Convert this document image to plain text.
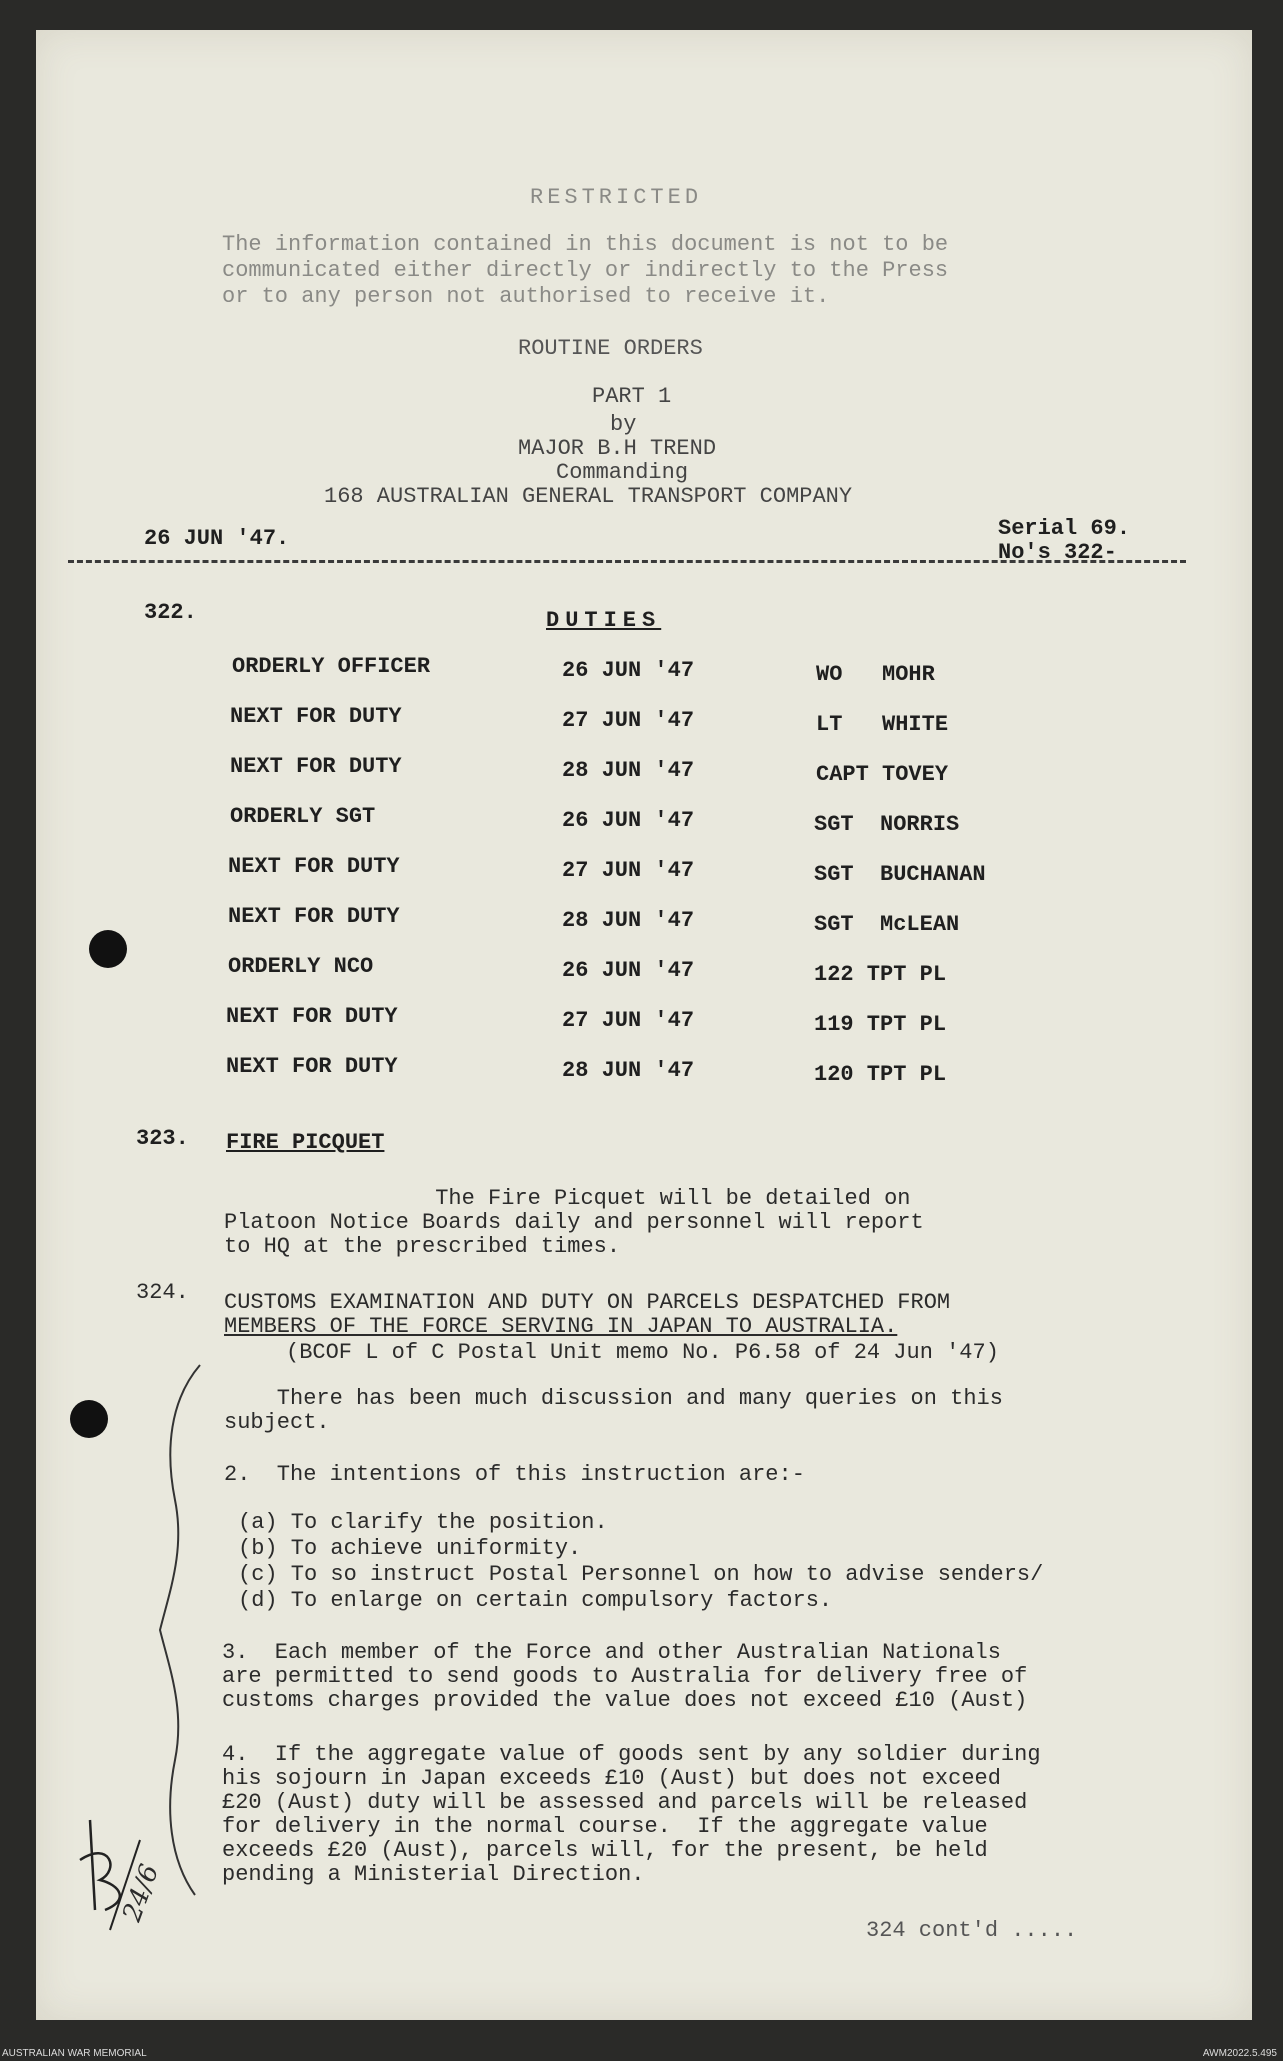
RESTRICTED
The information contained in this document is not to be
communicated either directly or indirectly to the Press
or to any person not authorised to receive it.
ROUTINE ORDERS
PART 1
by
MAJOR B.H TREND
Commanding
168 AUSTRALIAN GENERAL TRANSPORT COMPANY
26 JUN '47.	Serial 69.
No's 322-
322.	DUTIES
ORDERLY OFFICER	26 JUN '47	WO   MOHR
NEXT FOR DUTY	27 JUN '47	LT   WHITE
NEXT FOR DUTY	28 JUN '47	CAPT TOVEY
ORDERLY SGT	26 JUN '47	SGT  NORRIS
NEXT FOR DUTY	27 JUN '47	SGT  BUCHANAN
NEXT FOR DUTY	28 JUN '47	SGT  McLEAN
ORDERLY NCO	26 JUN '47	122 TPT PL
NEXT FOR DUTY	27 JUN '47	119 TPT PL
NEXT FOR DUTY	28 JUN '47	120 TPT PL
323. FIRE PICQUET
The Fire Picquet will be detailed on
Platoon Notice Boards daily and personnel will report
to HQ at the prescribed times.
324. CUSTOMS EXAMINATION AND DUTY ON PARCELS DESPATCHED FROM
MEMBERS OF THE FORCE SERVING IN JAPAN TO AUSTRALIA.
(BCOF L of C Postal Unit memo No. P6.58 of 24 Jun '47)
There has been much discussion and many queries on this
subject.
2.  The intentions of this instruction are:-
(a) To clarify the position.
(b) To achieve uniformity.
(c) To so instruct Postal Personnel on how to advise senders/
(d) To enlarge on certain compulsory factors.
3.  Each member of the Force and other Australian Nationals
are permitted to send goods to Australia for delivery free of
customs charges provided the value does not exceed £10 (Aust)
4.  If the aggregate value of goods sent by any soldier during
his sojourn in Japan exceeds £10 (Aust) but does not exceed
£20 (Aust) duty will be assessed and parcels will be released
for delivery in the normal course.  If the aggregate value
exceeds £20 (Aust), parcels will, for the present, be held
pending a Ministerial Direction.
324 cont'd .....
24/6
AUSTRALIAN WAR MEMORIAL	AWM2022.5.495
